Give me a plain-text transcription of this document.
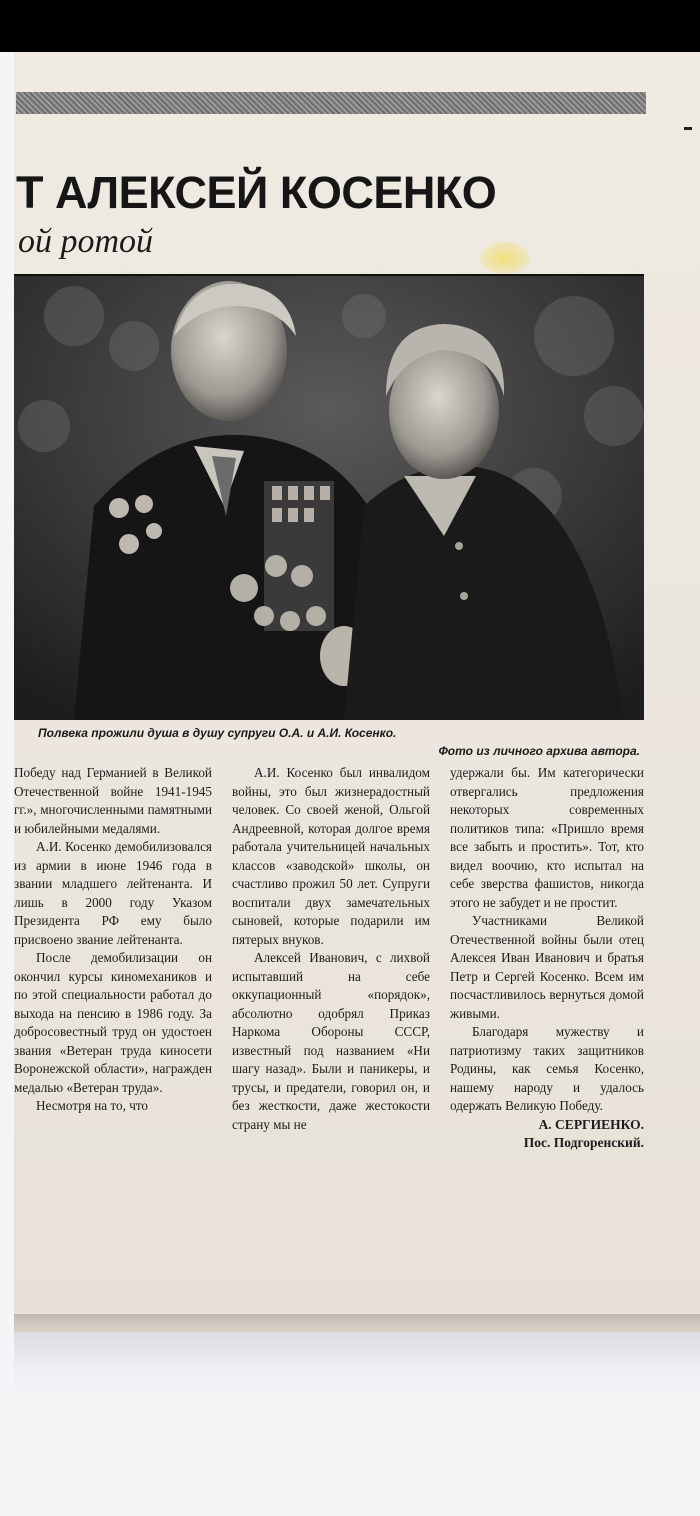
Т АЛЕКСЕЙ КОСЕНКО
ой ротой
Полвека прожили душа в душу супруги О.А. и А.И. Косенко.
Фото из личного архива автора.

Победу над Германией в Великой Отечественной войне 1941-1945 гг.», многочисленными памятными и юбилейными медалями.

А.И. Косенко демобилизовался из армии в июне 1946 года в звании младшего лейтенанта. И лишь в 2000 году Указом Президента РФ ему было присвоено звание лейтенанта.

После демобилизации он окончил курсы киномехаников и по этой специальности работал до выхода на пенсию в 1986 году. За добросовестный труд он удостоен звания «Ветеран труда киносети Воронежской области», награжден медалью «Ветеран труда».

Несмотря на то, что

А.И. Косенко был инвалидом войны, это был жизнерадостный человек. Со своей женой, Ольгой Андреевной, которая долгое время работала учительницей начальных классов «заводской» школы, он счастливо прожил 50 лет. Супруги воспитали двух замечательных сыновей, которые подарили им пятерых внуков.

Алексей Иванович, с лихвой испытавший на себе оккупационный «порядок», абсолютно одобрял Приказ Наркома Обороны СССР, известный под названием «Ни шагу назад». Были и паникеры, и трусы, и предатели, говорил он, и без жесткости, даже жестокости страну мы не

удержали бы. Им категорически отвергались предложения некоторых современных политиков типа: «Пришло время все забыть и простить». Тот, кто видел воочию, кто испытал на себе зверства фашистов, никогда этого не забудет и не простит.

Участниками Великой Отечественной войны были отец Алексея Иван Иванович и братья Петр и Сергей Косенко. Всем им посчастливилось вернуться домой живыми.

Благодаря мужеству и патриотизму таких защитников Родины, как семья Косенко, нашему народу и удалось одержать Великую Победу.

А. СЕРГИЕНКО.
Пос. Подгоренский.
